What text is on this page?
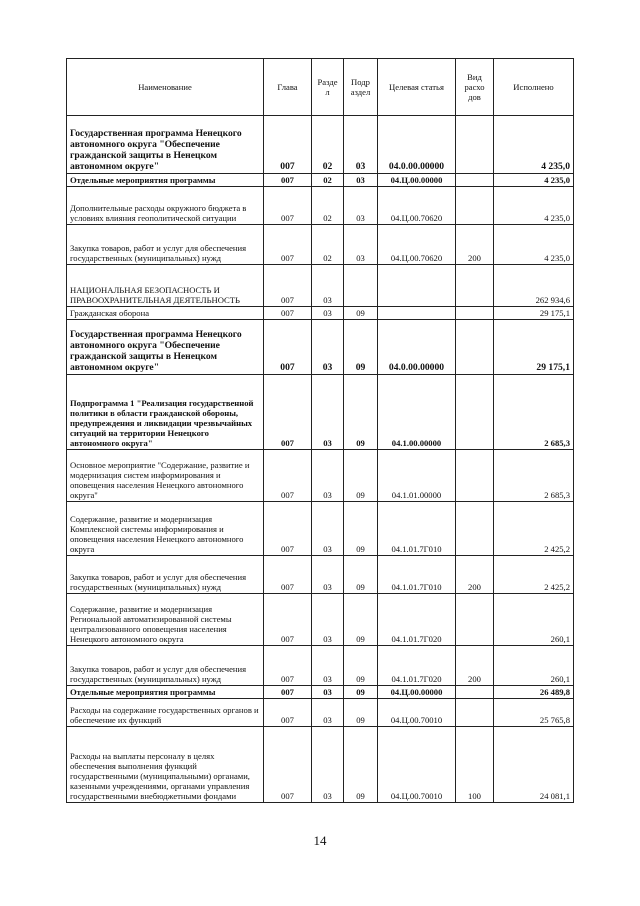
Наименование	Глава	Разде л	Подр аздел	Целевая статья	Вид расхо дов	Исполнено
Государственная программа Ненецкого автономного округа "Обеспечение гражданской защиты в Ненецком автономном округе"	007	02	03	04.0.00.00000		4 235,0
Отдельные мероприятия программы	007	02	03	04.Ц.00.00000		4 235,0
Дополнительные расходы окружного бюджета в условиях влияния геополитической ситуации	007	02	03	04.Ц.00.70620		4 235,0
Закупка товаров, работ и услуг для обеспечения государственных (муниципальных) нужд	007	02	03	04.Ц.00.70620	200	4 235,0
НАЦИОНАЛЬНАЯ БЕЗОПАСНОСТЬ И ПРАВООХРАНИТЕЛЬНАЯ ДЕЯТЕЛЬНОСТЬ	007	03				262 934,6
Гражданская оборона	007	03	09			29 175,1
Государственная программа Ненецкого автономного округа "Обеспечение гражданской защиты в Ненецком автономном округе"	007	03	09	04.0.00.00000		29 175,1
Подпрограмма 1 "Реализация государственной политики в области гражданской обороны, предупреждения и ликвидации чрезвычайных ситуаций на территории Ненецкого автономного округа"	007	03	09	04.1.00.00000		2 685,3
Основное мероприятие "Содержание, развитие и модернизация систем информирования и оповещения населения Ненецкого автономного округа"	007	03	09	04.1.01.00000		2 685,3
Содержание, развитие и модернизация Комплексной системы информирования и оповещения населения Ненецкого автономного округа	007	03	09	04.1.01.7Г010		2 425,2
Закупка товаров, работ и услуг для обеспечения государственных (муниципальных) нужд	007	03	09	04.1.01.7Г010	200	2 425,2
Содержание, развитие и модернизация Региональной автоматизированной системы централизованного оповещения населения Ненецкого автономного округа	007	03	09	04.1.01.7Г020		260,1
Закупка товаров, работ и услуг для обеспечения государственных (муниципальных) нужд	007	03	09	04.1.01.7Г020	200	260,1
Отдельные мероприятия программы	007	03	09	04.Ц.00.00000		26 489,8
Расходы на содержание государственных органов и обеспечение их функций	007	03	09	04.Ц.00.70010		25 765,8
Расходы на выплаты персоналу в целях обеспечения выполнения функций государственными (муниципальными) органами, казенными учреждениями, органами управления государственными внебюджетными фондами	007	03	09	04.Ц.00.70010	100	24 081,1
14
